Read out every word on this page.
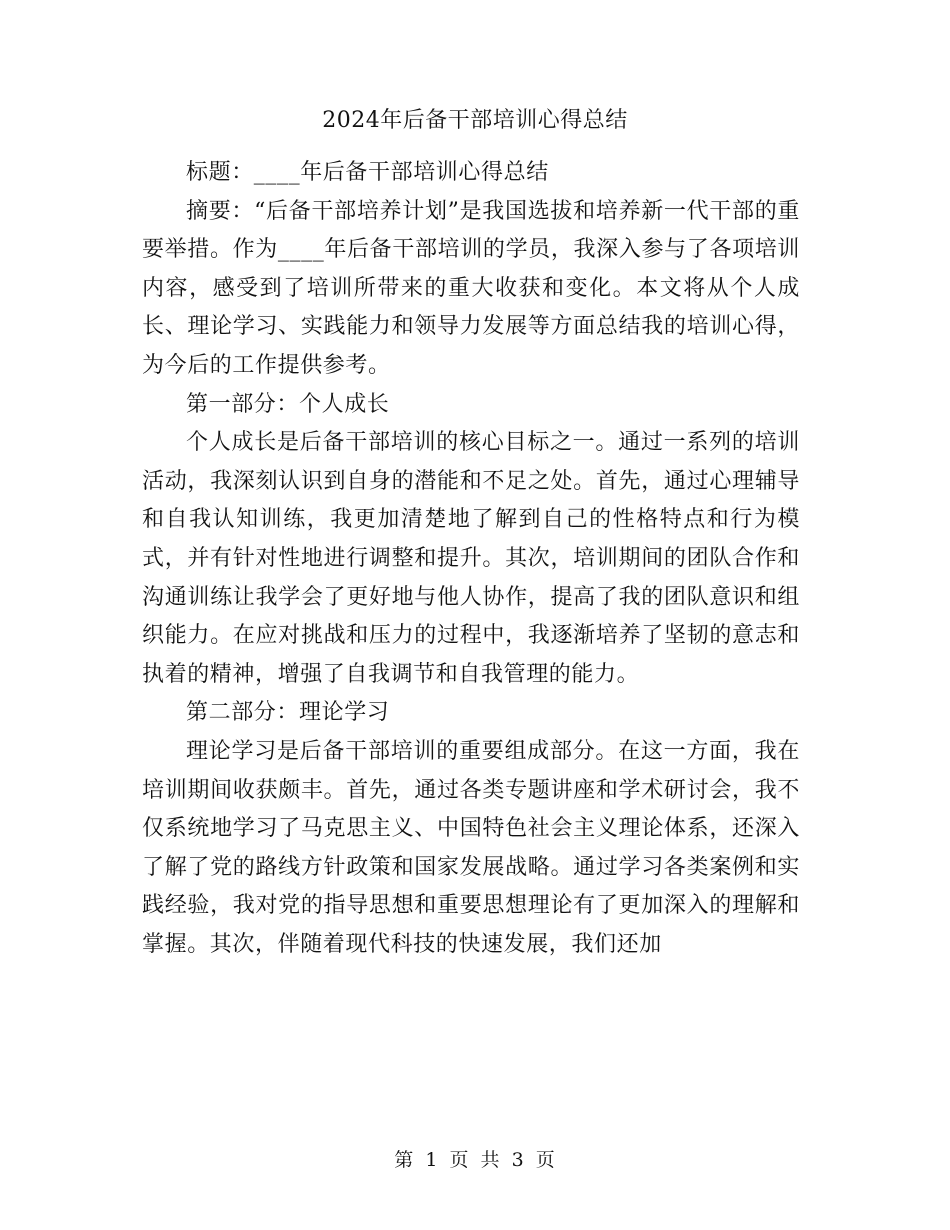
2024年后备干部培训心得总结

标题：____年后备干部培训心得总结

摘要：“后备干部培养计划”是我国选拔和培养新一代干部的重要举措。作为____年后备干部培训的学员，我深入参与了各项培训内容，感受到了培训所带来的重大收获和变化。本文将从个人成长、理论学习、实践能力和领导力发展等方面总结我的培训心得，为今后的工作提供参考。

第一部分：个人成长

个人成长是后备干部培训的核心目标之一。通过一系列的培训活动，我深刻认识到自身的潜能和不足之处。首先，通过心理辅导和自我认知训练，我更加清楚地了解到自己的性格特点和行为模式，并有针对性地进行调整和提升。其次，培训期间的团队合作和沟通训练让我学会了更好地与他人协作，提高了我的团队意识和组织能力。在应对挑战和压力的过程中，我逐渐培养了坚韧的意志和执着的精神，增强了自我调节和自我管理的能力。

第二部分：理论学习

理论学习是后备干部培训的重要组成部分。在这一方面，我在培训期间收获颇丰。首先，通过各类专题讲座和学术研讨会，我不仅系统地学习了马克思主义、中国特色社会主义理论体系，还深入了解了党的路线方针政策和国家发展战略。通过学习各类案例和实践经验，我对党的指导思想和重要思想理论有了更加深入的理解和掌握。其次，伴随着现代科技的快速发展，我们还加

第 1 页 共 3 页
